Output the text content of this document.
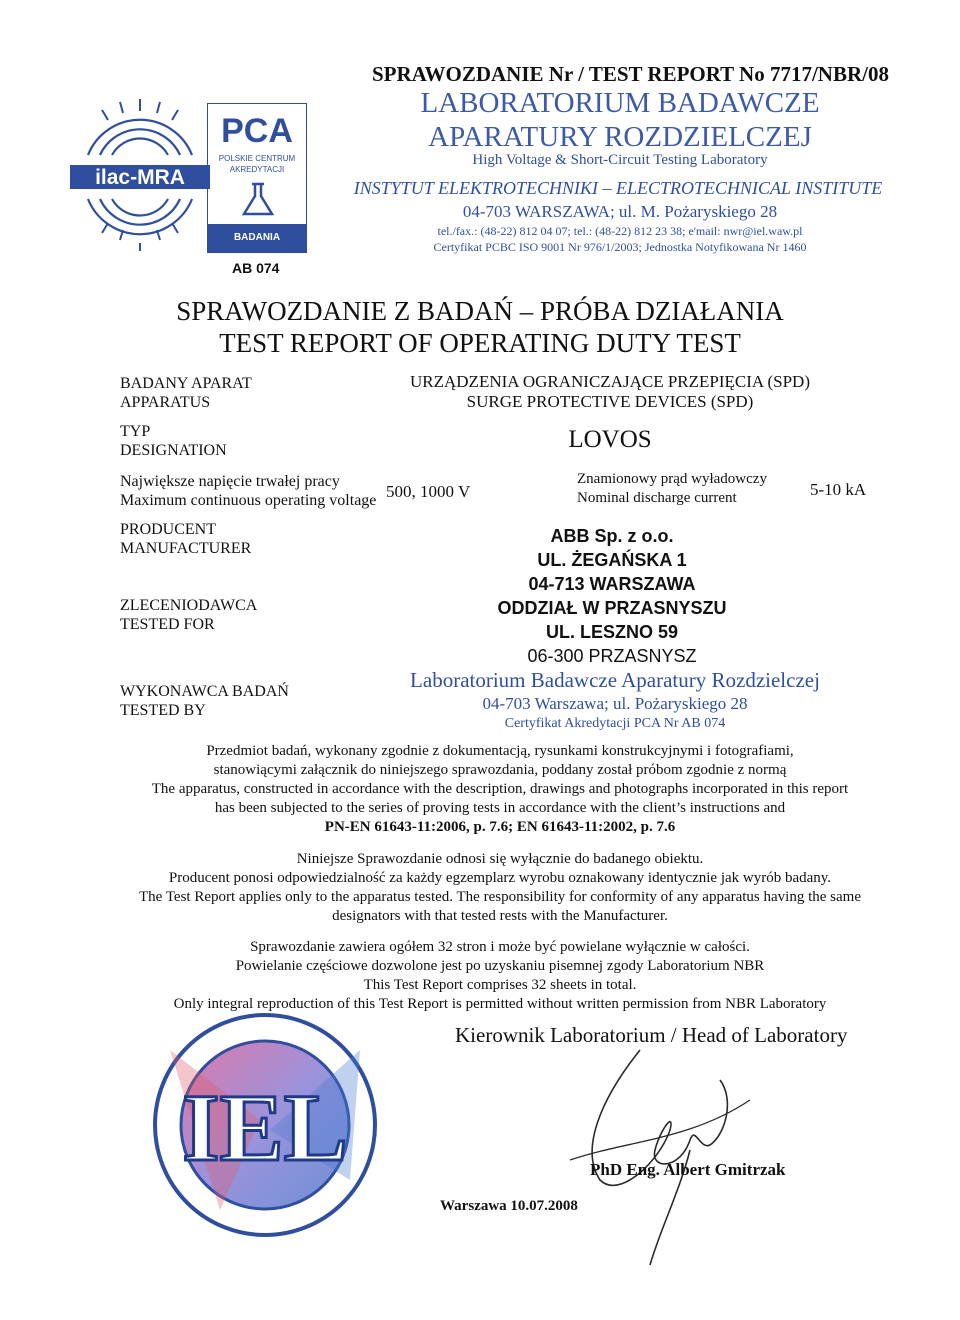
SPRAWOZDANIE Nr / TEST REPORT No 7717/NBR/08
LABORATORIUM BADAWCZE
APARATURY ROZDZIELCZEJ
High Voltage & Short-Circuit Testing Laboratory
INSTYTUT ELEKTROTECHNIKI – ELECTROTECHNICAL INSTITUTE
04-703 WARSZAWA; ul. M. Pożaryskiego 28
tel./fax.: (48-22) 812 04 07; tel.: (48-22) 812 23 38; e'mail: nwr@iel.waw.pl
Certyfikat PCBC ISO 9001 Nr 976/1/2003; Jednostka Notyfikowana Nr 1460
ilac-MRA
PCA
POLSKIE CENTRUM
AKREDYTACJI
BADANIA
AB 074
SPRAWOZDANIE Z BADAŃ – PRÓBA DZIAŁANIA
TEST REPORT OF OPERATING DUTY TEST
BADANY APARAT
APPARATUS
URZĄDZENIA OGRANICZAJĄCE PRZEPIĘCIA (SPD)
SURGE PROTECTIVE DEVICES (SPD)
TYP
DESIGNATION	LOVOS
Największe napięcie trwałej pracy
Maximum continuous operating voltage 500, 1000 V
Znamionowy prąd wyładowczy
Nominal discharge current	5-10 kA
PRODUCENT
MANUFACTURER
ZLECENIODAWCA
TESTED FOR
WYKONAWCA BADAŃ
TESTED BY
ABB Sp. z o.o.
UL. ŻEGAŃSKA 1
04-713 WARSZAWA
ODDZIAŁ W PRZASNYSZU
UL. LESZNO 59
06-300 PRZASNYSZ
Laboratorium Badawcze Aparatury Rozdzielczej
04-703 Warszawa; ul. Pożaryskiego 28
Certyfikat Akredytacji PCA Nr AB 074

Przedmiot badań, wykonany zgodnie z dokumentacją, rysunkami konstrukcyjnymi i fotografiami,

stanowiącymi załącznik do niniejszego sprawozdania, poddany został próbom zgodnie z normą

The apparatus, constructed in accordance with the description, drawings and photographs incorporated in this report

has been subjected to the series of proving tests in accordance with the client’s instructions and

PN-EN 61643-11:2006, p. 7.6; EN 61643-11:2002, p. 7.6

Niniejsze Sprawozdanie odnosi się wyłącznie do badanego obiektu.

Producent ponosi odpowiedzialność za każdy egzemplarz wyrobu oznakowany identycznie jak wyrób badany.

The Test Report applies only to the apparatus tested. The responsibility for conformity of any apparatus having the same

designators with that tested rests with the Manufacturer.

Sprawozdanie zawiera ogółem 32 stron i może być powielane wyłącznie w całości.

Powielanie częściowe dozwolone jest po uzyskaniu pisemnej zgody Laboratorium NBR

This Test Report comprises 32 sheets in total.

Only integral reproduction of this Test Report is permitted without written permission from NBR Laboratory

IEL
Kierownik Laboratorium / Head of Laboratory
PhD Eng. Albert Gmitrzak
Warszawa 10.07.2008
